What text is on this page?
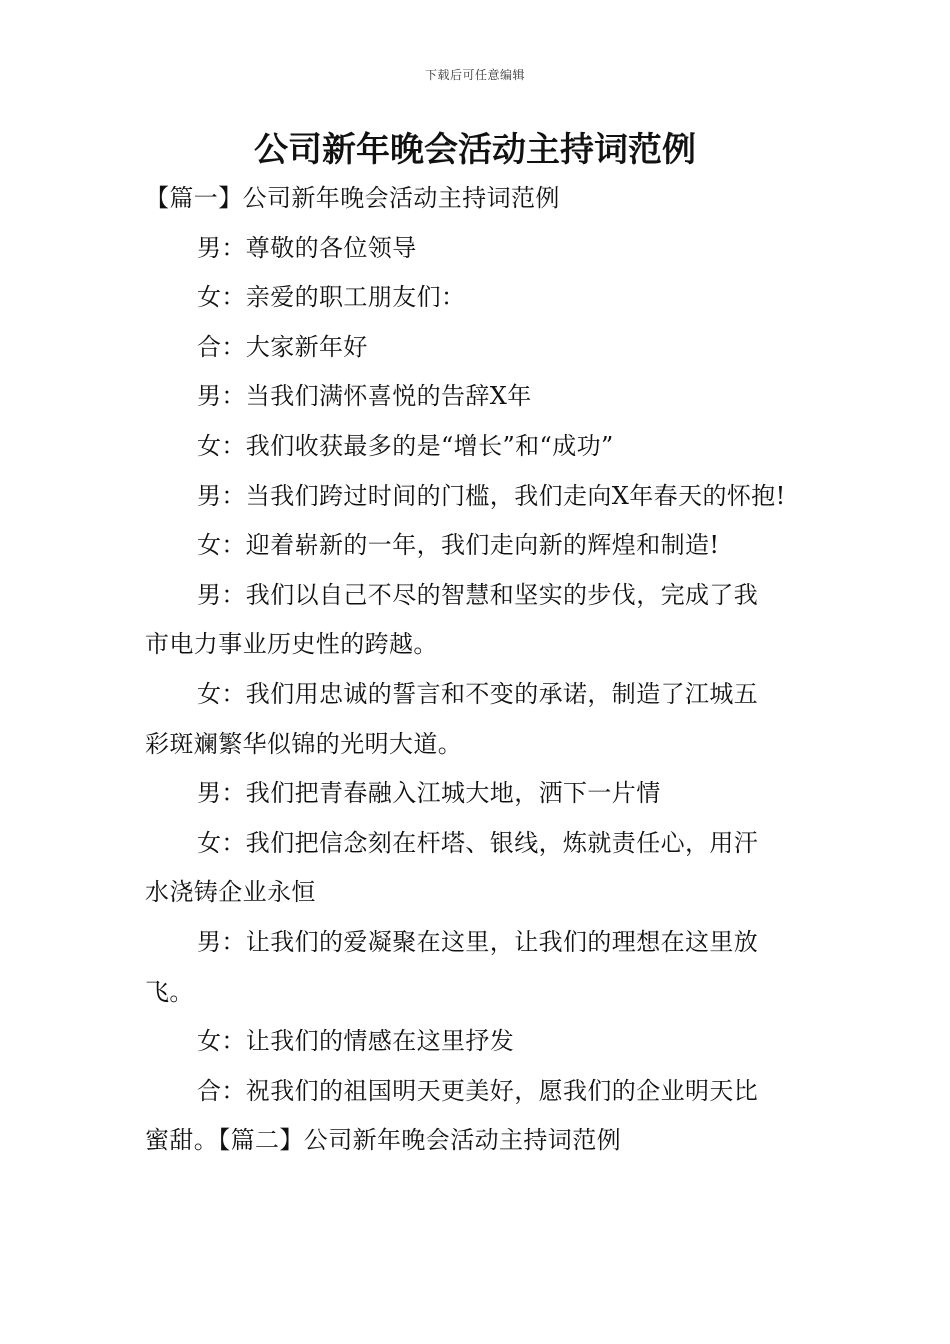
下载后可任意编辑
公司新年晚会活动主持词范例
【篇一】公司新年晚会活动主持词范例
男：尊敬的各位领导
女：亲爱的职工朋友们：
合：大家新年好
男：当我们满怀喜悦的告辞X年
女：我们收获最多的是“增长”和“成功”
男：当我们跨过时间的门槛，我们走向X年春天的怀抱!
女：迎着崭新的一年，我们走向新的辉煌和制造!
男：我们以自己不尽的智慧和坚实的步伐，完成了我
市电力事业历史性的跨越。
女：我们用忠诚的誓言和不变的承诺，制造了江城五
彩斑斓繁华似锦的光明大道。
男：我们把青春融入江城大地，洒下一片情
女：我们把信念刻在杆塔、银线，炼就责任心，用汗
水浇铸企业永恒
男：让我们的爱凝聚在这里，让我们的理想在这里放
飞。
女：让我们的情感在这里抒发
合：祝我们的祖国明天更美好，愿我们的企业明天比
蜜甜。【篇二】公司新年晚会活动主持词范例
